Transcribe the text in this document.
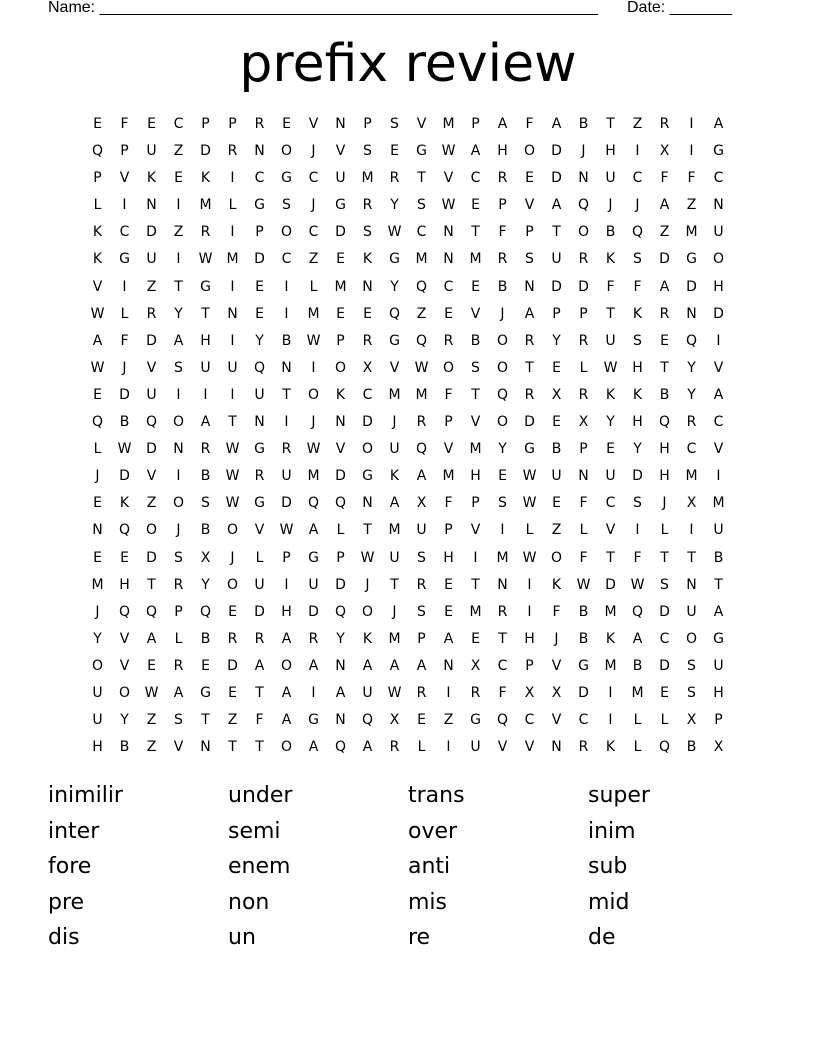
Name: ________________________________________________________ Date: _______
prefix review
E	F	E	C	P	P	R	E	V	N	P	S	V	M	P	A	F	A	B	T	Z	R	I	A
Q	P	U	Z	D	R	N	O	J	V	S	E	G	W	A	H	O	D	J	H	I	X	I	G
P	V	K	E	K	I	C	G	C	U	M	R	T	V	C	R	E	D	N	U	C	F	F	C
L	I	N	I	M	L	G	S	J	G	R	Y	S	W	E	P	V	A	Q	J	J	A	Z	N
K	C	D	Z	R	I	P	O	C	D	S	W	C	N	T	F	P	T	O	B	Q	Z	M	U
K	G	U	I	W	M	D	C	Z	E	K	G	M	N	M	R	S	U	R	K	S	D	G	O
V	I	Z	T	G	I	E	I	L	M	N	Y	Q	C	E	B	N	D	D	F	F	A	D	H
W	L	R	Y	T	N	E	I	M	E	E	Q	Z	E	V	J	A	P	P	T	K	R	N	D
A	F	D	A	H	I	Y	B	W	P	R	G	Q	R	B	O	R	Y	R	U	S	E	Q	I
W	J	V	S	U	U	Q	N	I	O	X	V	W	O	S	O	T	E	L	W	H	T	Y	V
E	D	U	I	I	I	U	T	O	K	C	M	M	F	T	Q	R	X	R	K	K	B	Y	A
Q	B	Q	O	A	T	N	I	J	N	D	J	R	P	V	O	D	E	X	Y	H	Q	R	C
L	W	D	N	R	W	G	R	W	V	O	U	Q	V	M	Y	G	B	P	E	Y	H	C	V
J	D	V	I	B	W	R	U	M	D	G	K	A	M	H	E	W	U	N	U	D	H	M	I
E	K	Z	O	S	W	G	D	Q	Q	N	A	X	F	P	S	W	E	F	C	S	J	X	M
N	Q	O	J	B	O	V	W	A	L	T	M	U	P	V	I	L	Z	L	V	I	L	I	U
E	E	D	S	X	J	L	P	G	P	W	U	S	H	I	M	W	O	F	T	F	T	T	B
M	H	T	R	Y	O	U	I	U	D	J	T	R	E	T	N	I	K	W	D	W	S	N	T
J	Q	Q	P	Q	E	D	H	D	Q	O	J	S	E	M	R	I	F	B	M	Q	D	U	A
Y	V	A	L	B	R	R	A	R	Y	K	M	P	A	E	T	H	J	B	K	A	C	O	G
O	V	E	R	E	D	A	O	A	N	A	A	A	N	X	C	P	V	G	M	B	D	S	U
U	O	W	A	G	E	T	A	I	A	U	W	R	I	R	F	X	X	D	I	M	E	S	H
U	Y	Z	S	T	Z	F	A	G	N	Q	X	E	Z	G	Q	C	V	C	I	L	L	X	P
H	B	Z	V	N	T	T	O	A	Q	A	R	L	I	U	V	V	N	R	K	L	Q	B	X
inimilir	under	trans	super
inter	semi	over	inim
fore	enem	anti	sub
pre	non	mis	mid
dis	un	re	de
